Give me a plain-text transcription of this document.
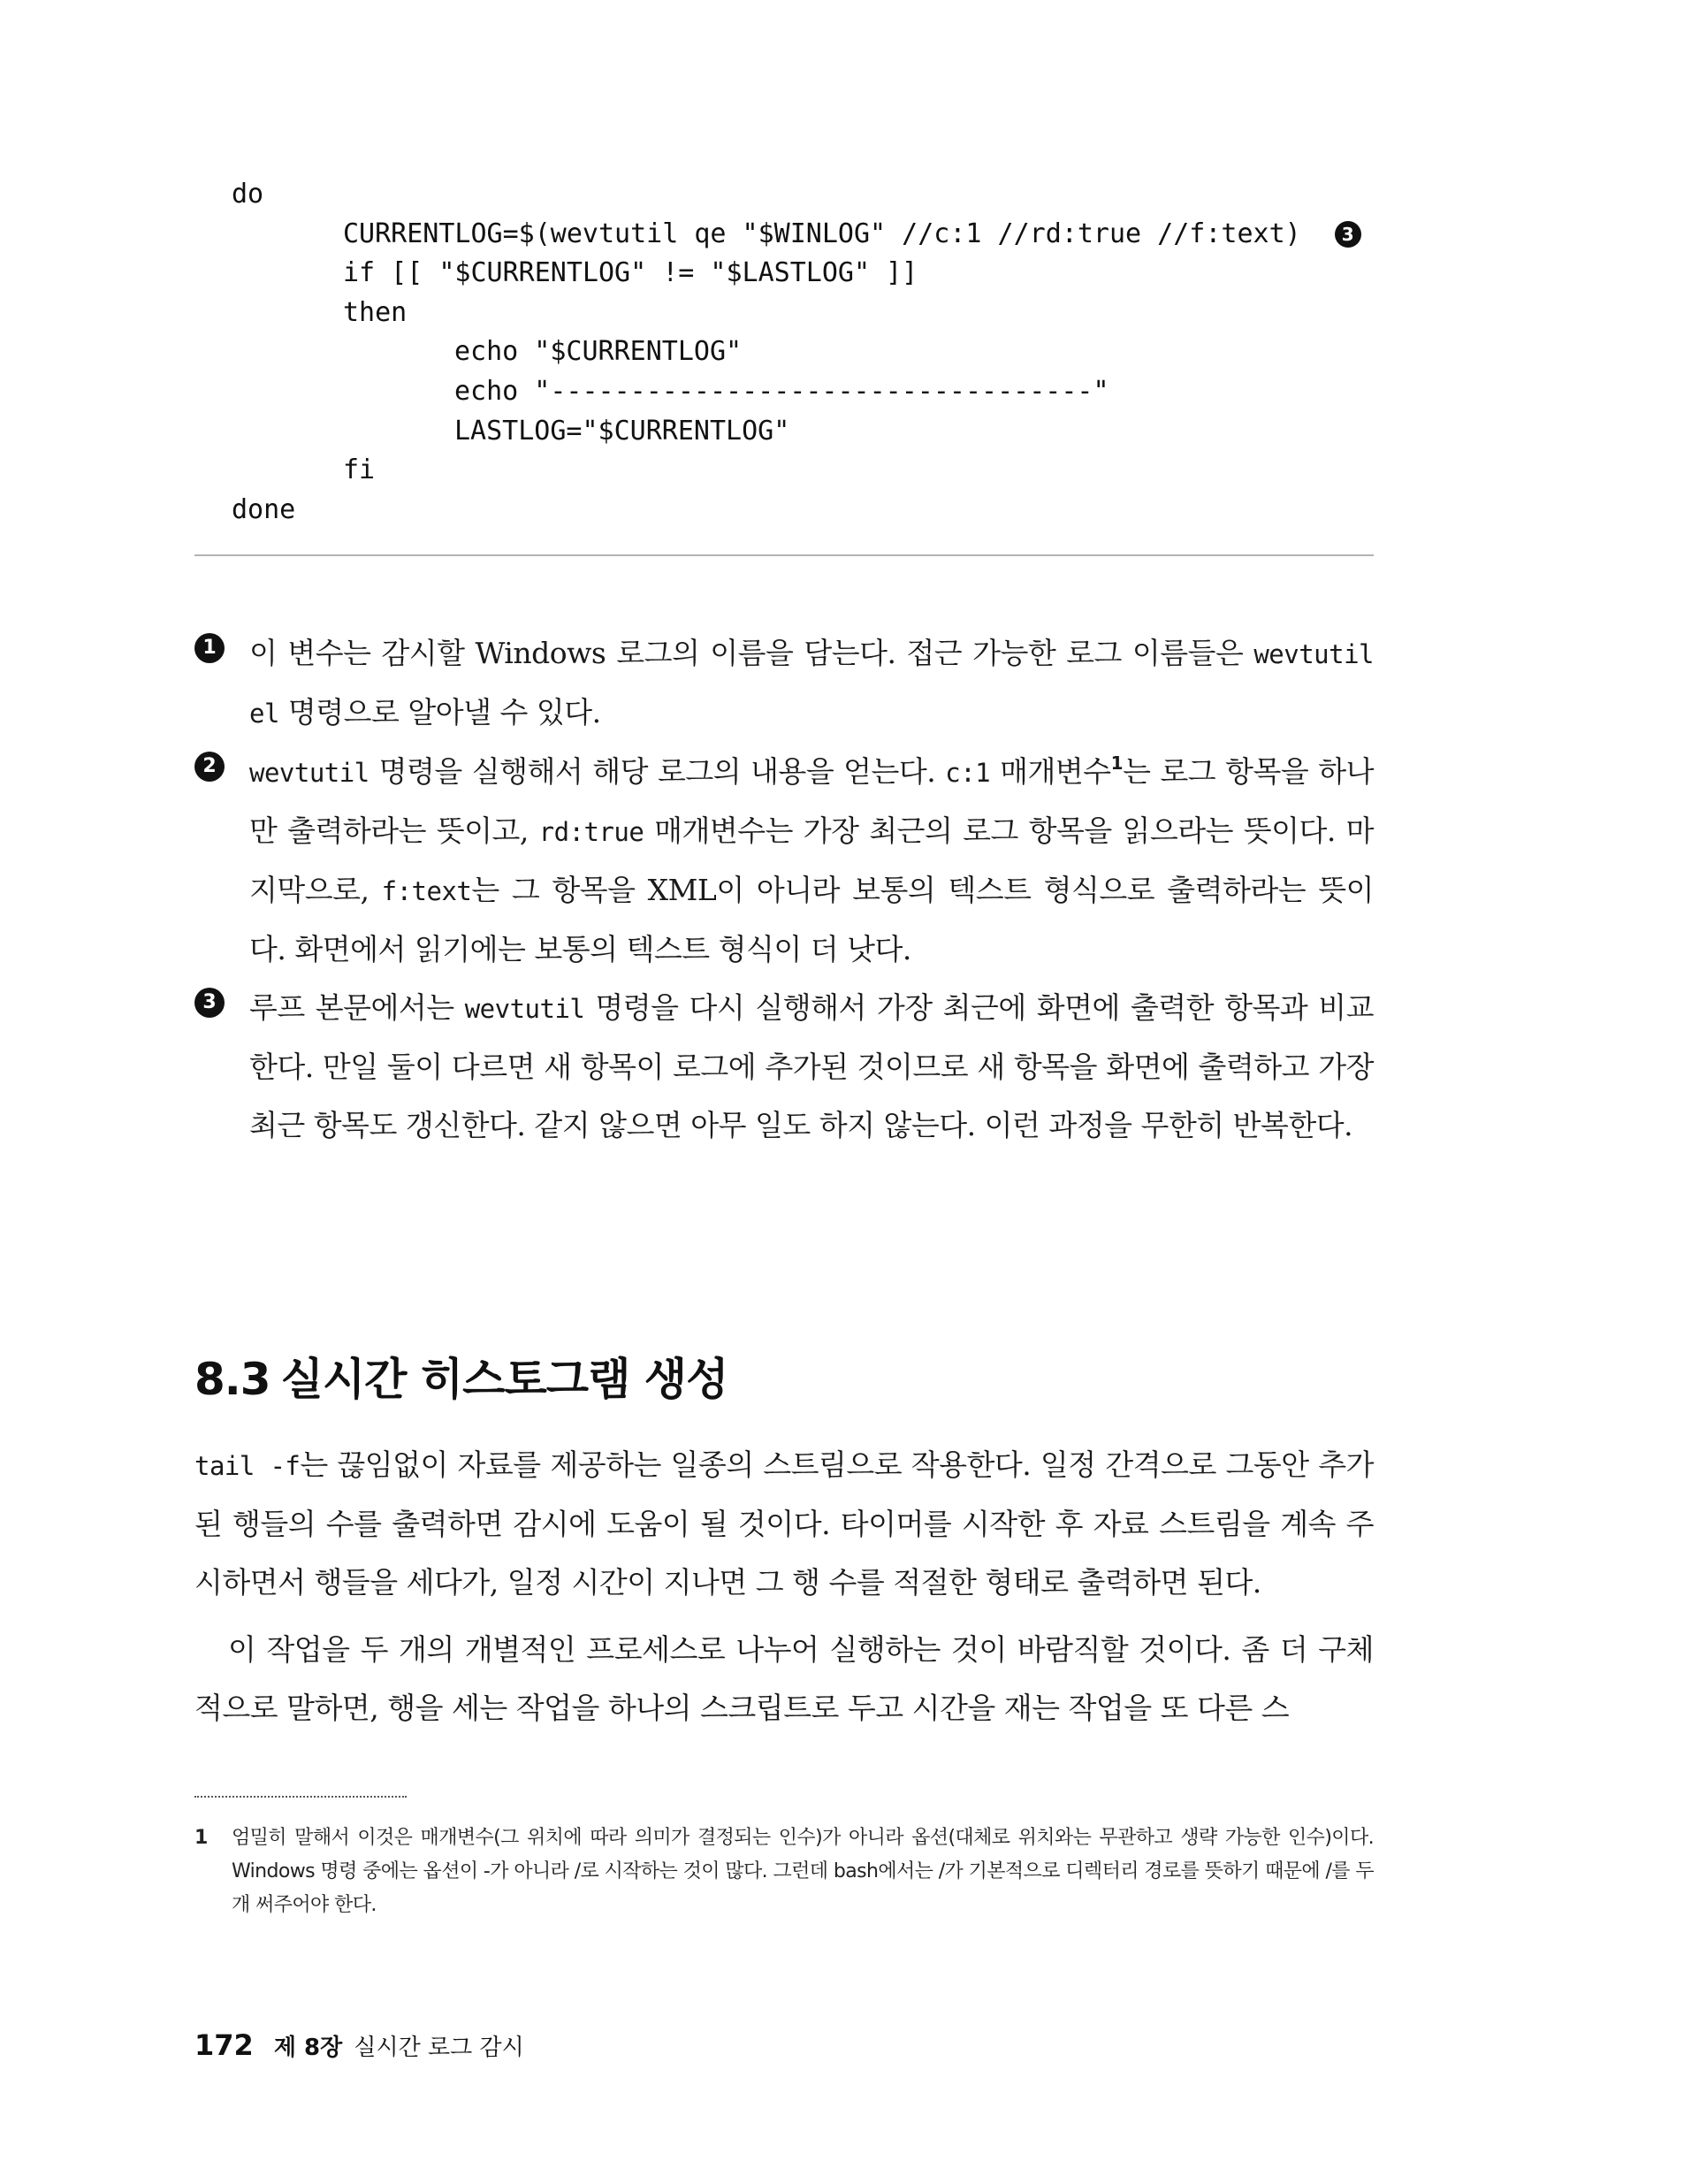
do
CURRENTLOG=$(wevtutil qe "$WINLOG" //c:1 //rd:true //f:text) 3
if [[ "$CURRENTLOG" != "$LASTLOG" ]]
then
echo "$CURRENTLOG"
echo "----------------------------------"
LASTLOG="$CURRENTLOG"
fi
done
1 이 변수는 감시할 Windows 로그의 이름을 담는다. 접근 가능한 로그 이름들은 wevtutil el 명령으로 알아낼 수 있다.
2	wevtutil 명령을 실행해서 해당 로그의 내용을 얻는다. c:1 매개변수$^1$는 로그 항목을 하나만 출력하라는 뜻이고, rd:true 매개변수는 가장 최근의 로그 항목을 읽으라는 뜻이다. 마지막으로, f:text는 그 항목을 XML이 아니라 보통의 텍스트 형식으로 출력하라는 뜻이다. 화면에서 읽기에는 보통의 텍스트 형식이 더 낫다.
3 루프 본문에서는 wevtutil 명령을 다시 실행해서 가장 최근에 화면에 출력한 항목과 비교한다. 만일 둘이 다르면 새 항목이 로그에 추가된 것이므로 새 항목을 화면에 출력하고 가장 최근 항목도 갱신한다. 같지 않으면 아무 일도 하지 않는다. 이런 과정을 무한히 반복한다.
8.3 실시간 히스토그램 생성

tail -f는 끊임없이 자료를 제공하는 일종의 스트림으로 작용한다. 일정 간격으로 그동안 추가된 행들의 수를 출력하면 감시에 도움이 될 것이다. 타이머를 시작한 후 자료 스트림을 계속 주시하면서 행들을 세다가, 일정 시간이 지나면 그 행 수를 적절한 형태로 출력하면 된다.

이 작업을 두 개의 개별적인 프로세스로 나누어 실행하는 것이 바람직할 것이다. 좀 더 구체적으로 말하면, 행을 세는 작업을 하나의 스크립트로 두고 시간을 재는 작업을 또 다른 스

1	엄밀히 말해서 이것은 매개변수(그 위치에 따라 의미가 결정되는 인수)가 아니라 옵션(대체로 위치와는 무관하고 생략 가능한 인수)이다. Windows 명령 중에는 옵션이 -가 아니라 /로 시작하는 것이 많다. 그런데 bash에서는 /가 기본적으로 디렉터리 경로를 뜻하기 때문에 /를 두 개 써주어야 한다.
172 제 8장 실시간 로그 감시
